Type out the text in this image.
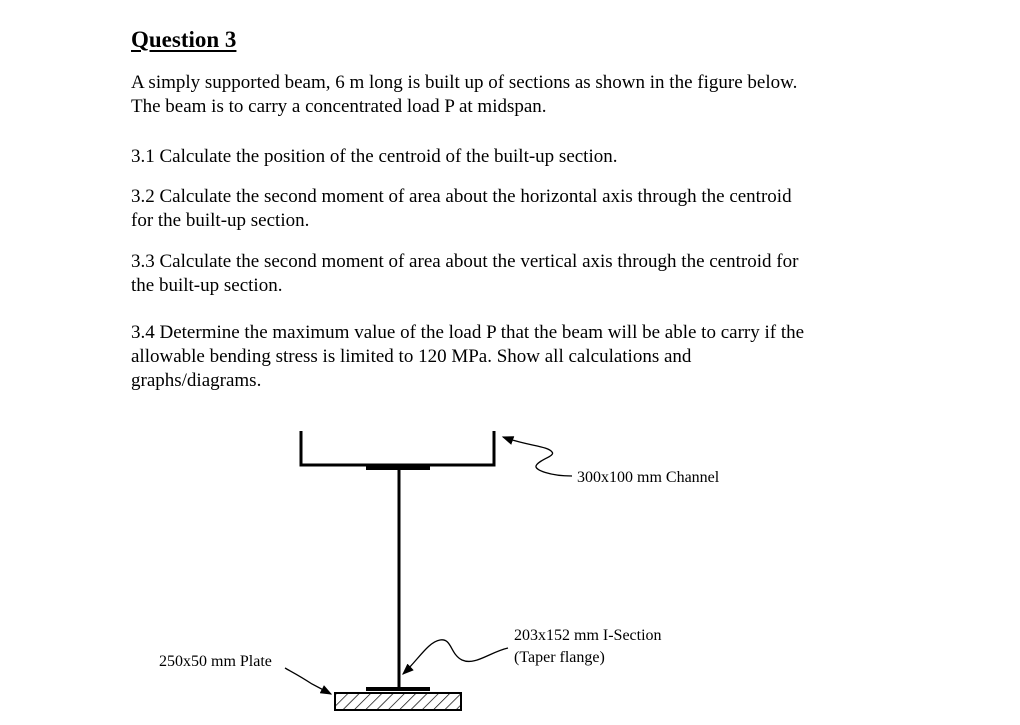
Question 3

A simply supported beam, 6 m long is built up of sections as shown in the figure below.
The beam is to carry a concentrated load P at midspan.

3.1 Calculate the position of the centroid of the built-up section.

3.2 Calculate the second moment of area about the horizontal axis through the centroid
for the built-up section.

3.3 Calculate the second moment of area about the vertical axis through the centroid for
the built-up section.

3.4 Determine the maximum value of the load P that the beam will be able to carry if the
allowable bending stress is limited to 120 MPa. Show all calculations and
graphs/diagrams.

300x100 mm Channel
203x152 mm I-Section
(Taper flange)
250x50 mm Plate
